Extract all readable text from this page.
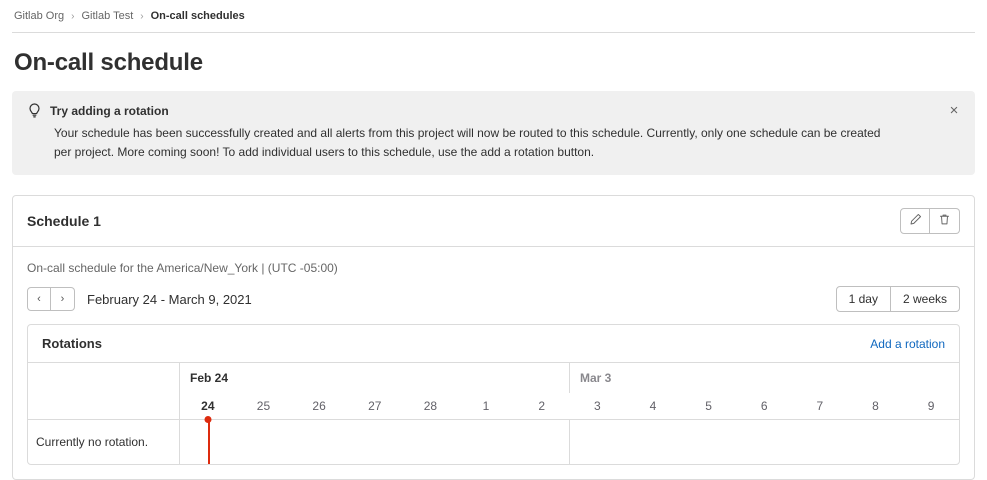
Gitlab Org › Gitlab Test › On-call schedules
On-call schedule
Try adding a rotation
Your schedule has been successfully created and all alerts from this project will now be routed to this schedule. Currently, only one schedule can be created per project. More coming soon! To add individual users to this schedule, use the add a rotation button.
×
Schedule 1
On-call schedule for the America/New_York | (UTC -05:00)
‹	›	February 24 - March 9, 2021	1 day	2 weeks
Rotations	Add a rotation
Currently no rotation.
Feb 24	Mar 3
24	25	26	27	28	1	2	3	4	5	6	7	8	9
